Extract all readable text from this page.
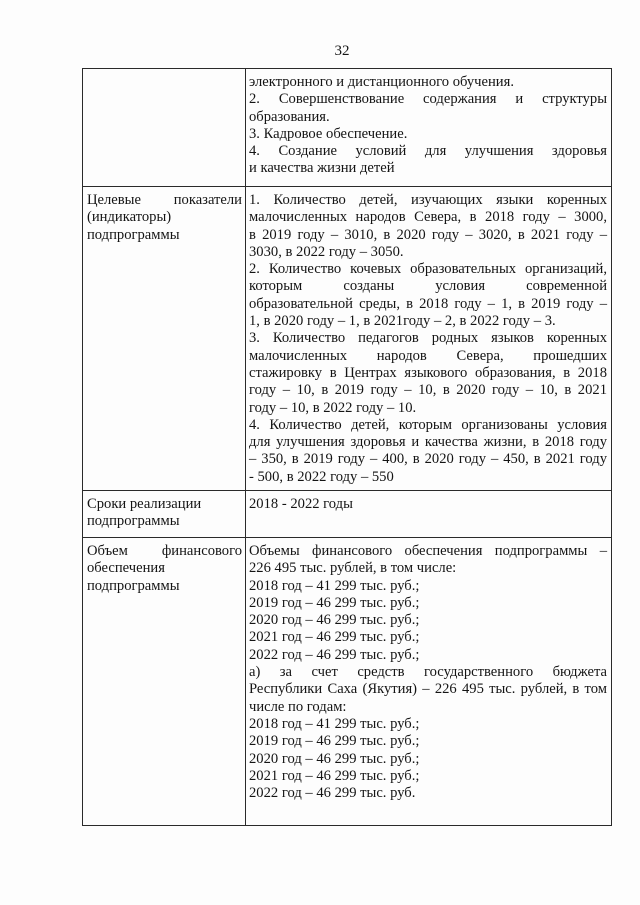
32
электронного и дистанционного обучения.
2. Совершенствование содержания и структуры
образования.
3. Кадровое обеспечение.
4. Создание условий для улучшения здоровья
и качества жизни детей
Целевые показатели
(индикаторы)
подпрограммы
1. Количество детей, изучающих языки коренных
малочисленных народов Севера, в 2018 году – 3000,
в 2019 году – 3010, в 2020 году – 3020, в 2021 году –
3030, в 2022 году – 3050.
2. Количество кочевых образовательных организаций,
которым созданы условия современной
образовательной среды, в 2018 году – 1, в 2019 году –
1, в 2020 году – 1, в 2021году – 2, в 2022 году – 3.
3. Количество педагогов родных языков коренных
малочисленных народов Севера, прошедших
стажировку в Центрах языкового образования, в 2018
году – 10, в 2019 году – 10, в 2020 году – 10, в 2021
году – 10, в 2022 году – 10.
4. Количество детей, которым организованы условия
для улучшения здоровья и качества жизни, в 2018 году
– 350, в 2019 году – 400, в 2020 году – 450, в 2021 году
- 500, в 2022 году – 550
Сроки реализации
подпрограммы
2018 - 2022 годы
Объем финансового
обеспечения
подпрограммы
Объемы финансового обеспечения подпрограммы –
226 495 тыс. рублей, в том числе:
2018 год – 41 299 тыс. руб.;
2019 год – 46 299 тыс. руб.;
2020 год – 46 299 тыс. руб.;
2021 год – 46 299 тыс. руб.;
2022 год – 46 299 тыс. руб.;
а) за счет средств государственного бюджета
Республики Саха (Якутия) – 226 495 тыс. рублей, в том
числе по годам:
2018 год – 41 299 тыс. руб.;
2019 год – 46 299 тыс. руб.;
2020 год – 46 299 тыс. руб.;
2021 год – 46 299 тыс. руб.;
2022 год – 46 299 тыс. руб.
